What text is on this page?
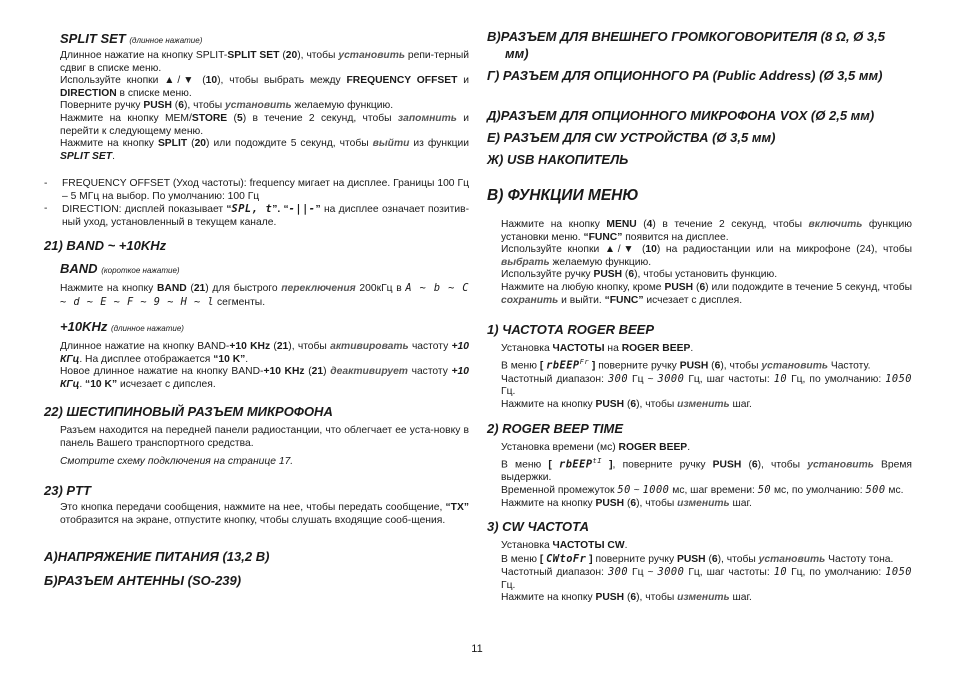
SPLIT SET (длинное нажатие)

Длинное нажатие на кнопку SPLIT-SPLIT SET (20), чтобы установить репи-терный сдвиг в списке меню.

Используйте кнопки ▲/▼ (10), чтобы выбрать между FREQUENCY OFFSET и DIRECTION в списке меню.

Поверните ручку PUSH (6), чтобы установить желаемую функцию.

Нажмите на кнопку MEM/STORE (5) в течение 2 секунд, чтобы запомнить и перейти к следующему меню.

Нажмите на кнопку SPLIT (20) или подождите 5 секунд, чтобы выйти из функции SPLIT SET.

- FREQUENCY OFFSET (Уход частоты): frequency мигает на дисплее. Границы 100 Гц – 5 МГц на выбор. По умолчанию: 100 Гц

- DIRECTION: дисплей показывает “SPL, t”. “-||-” на дисплее означает позитив-ный уход, установленный в текущем канале.

21) BAND ~ +10KHz

BAND (короткое нажатие)

Нажмите на кнопку BAND (21) для быстрого переключения 200кГц в A ~ b ~ C ~ d ~ E ~ F ~ 9 ~ H ~ l сегменты.

+10KHz (длинное нажатие)

Длинное нажатие на кнопку BAND-+10 KHz (21), чтобы активировать частоту +10 КГц. На дисплее отображается “10 K”.

Новое длинное нажатие на кнопку BAND-+10 KHz (21) деактивирует частоту +10 КГц. “10 K” исчезает с дипслея.

22) ШЕСТИПИНОВЫЙ РАЗЪЕМ МИКРОФОНА

Разъем находится на передней панели радиостанции, что облегчает ее уста-новку в панель Вашего транспортного средства.

Смотрите схему подключения на странице 17.

23) PTT

Это кнопка передачи сообщения, нажмите на нее, чтобы передать сообщение, “TX” отобразится на экране, отпустите кнопку, чтобы слушать входящие сооб-щения.

А)НАПРЯЖЕНИЕ ПИТАНИЯ (13,2 В)

Б)РАЗЪЕМ АНТЕННЫ (SO-239)

В)РАЗЪЕМ ДЛЯ ВНЕШНЕГО ГРОМКОГОВОРИТЕЛЯ (8 Ω, Ø 3,5 мм)

Г) РАЗЪЕМ ДЛЯ ОПЦИОННОГО PA (Public Address) (Ø 3,5 мм)

Д)РАЗЪЕМ ДЛЯ ОПЦИОННОГО МИКРОФОНА VOX (Ø 2,5 мм)

Е) РАЗЪЕМ ДЛЯ CW УСТРОЙСТВА (Ø 3,5 мм)

Ж) USB НАКОПИТЕЛЬ

В) ФУНКЦИИ МЕНЮ

Нажмите на кнопку MENU (4) в течение 2 секунд, чтобы включить функцию установки меню. “FUNC” появится на дисплее.

Используйте кнопки ▲/▼ (10) на радиостанции или на микрофоне (24), чтобы выбрать желаемую функцию.

Используйте ручку PUSH (6), чтобы установить функцию.

Нажмите на любую кнопку, кроме PUSH (6) или подождите в течение 5 секунд, чтобы сохранить и выйти. “FUNC” исчезает с дисплея.

1) ЧАСТОТА ROGER BEEP

Установка ЧАСТОТЫ на ROGER BEEP.

В меню [ rbEEP$^{Fr}$ ] поверните ручку PUSH (6), чтобы установить Частоту.

Частотный диапазон: 300 Гц ~ 3000 Гц, шаг частоты: 10 Гц, по умолчанию: 1050 Гц.

Нажмите на кнопку PUSH (6), чтобы изменить шаг.

2) ROGER BEEP TIME

Установка времени (мс) ROGER BEEP.

В меню [ rbEEP$^{tI}$ ], поверните ручку PUSH (6), чтобы установить Время выдержки.

Временной промежуток 50 ~ 1000 мс, шаг времени: 50 мс, по умолчанию: 500 мс.

Нажмите на кнопку PUSH (6), чтобы изменить шаг.

3) CW ЧАСТОТА

Установка ЧАСТОТЫ CW.

В меню [ CWtoFr ] поверните ручку PUSH (6), чтобы установить Частоту тона.

Частотный диапазон: 300 Гц ~ 3000 Гц, шаг частоты: 10 Гц, по умолчанию: 1050 Гц.

Нажмите на кнопку PUSH (6), чтобы изменить шаг.

11
